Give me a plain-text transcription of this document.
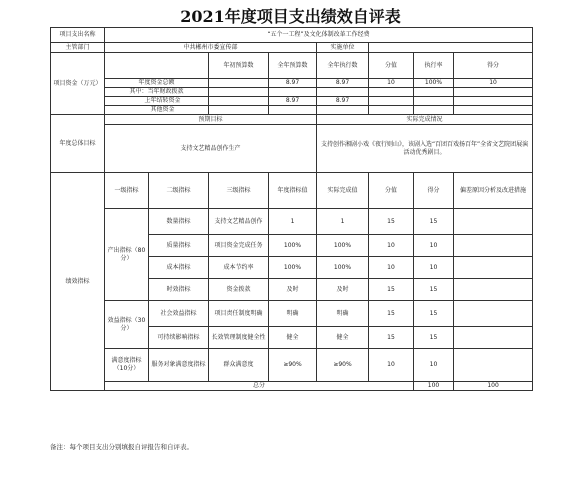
2021年度项目支出绩效自评表
项目支出名称	“五个一工程”及文化体制改革工作经费								
主管部门	中共郴州市委宣传部				实施单位				
项目资金（万元）			年初预算数	全年预算数	全年执行数	分值	执行率	得分	
	年度资金总额			8.97	8.97	10	100%	10	
	其中：当年财政拨款								
	上年结转资金			8.97	8.97				
	其他资金								
年度总体目标	预期目标				实际完成情况				
	支持文艺精品创作生产				支持创作湘剧小戏《夜行则山》，该剧入选“百团百戏扬百年”全省文艺院团展演活动优秀剧目。				
绩效指标	一级指标	二级指标	三级指标	年度指标值	实际完成值	分值	得分	偏差原因分析及改进措施	
	产出指标（80分）	数量指标	支持文艺精品创作	1	1	15	15		
		质量指标	项目资金完成任务	100%	100%	10	10		
		成本指标	成本节约率	100%	100%	10	10		
		时效指标	资金拨款	及时	及时	15	15		
	效益指标（30分）	社会效益指标	项目责任制度明确	明确	明确	15	15		
		可持续影响指标	长效管理制度健全性	健全	健全	15	15		
	满意度指标（10分）	服务对象满意度指标	群众满意度	≥90%	≥90%	10	10		
	总分						100	100	
备注：每个项目支出分别填报自评报告和自评表。
